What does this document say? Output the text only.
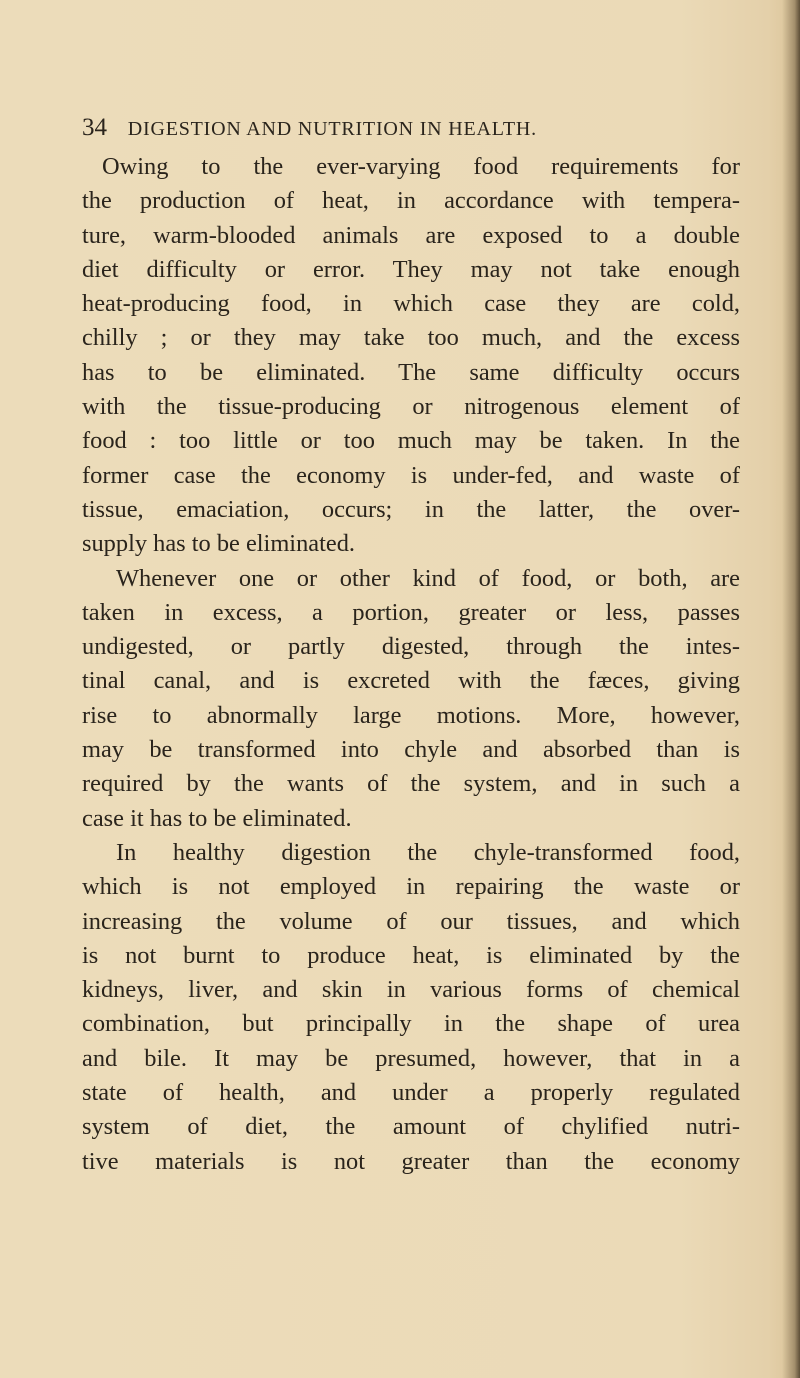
34 DIGESTION AND NUTRITION IN HEALTH.
Owing to the ever-varying food requirements for
the production of heat, in accordance with tempera-
ture, warm-blooded animals are exposed to a double
diet difficulty or error. They may not take enough
heat-producing food, in which case they are cold,
chilly ; or they may take too much, and the excess
has to be eliminated. The same difficulty occurs
with the tissue-producing or nitrogenous element of
food : too little or too much may be taken. In the
former case the economy is under-fed, and waste of
tissue, emaciation, occurs; in the latter, the over-
supply has to be eliminated.
Whenever one or other kind of food, or both, are
taken in excess, a portion, greater or less, passes
undigested, or partly digested, through the intes-
tinal canal, and is excreted with the fæces, giving
rise to abnormally large motions. More, however,
may be transformed into chyle and absorbed than is
required by the wants of the system, and in such a
case it has to be eliminated.
In healthy digestion the chyle-transformed food,
which is not employed in repairing the waste or
increasing the volume of our tissues, and which
is not burnt to produce heat, is eliminated by the
kidneys, liver, and skin in various forms of chemical
combination, but principally in the shape of urea
and bile. It may be presumed, however, that in a
state of health, and under a properly regulated
system of diet, the amount of chylified nutri-
tive materials is not greater than the economy
